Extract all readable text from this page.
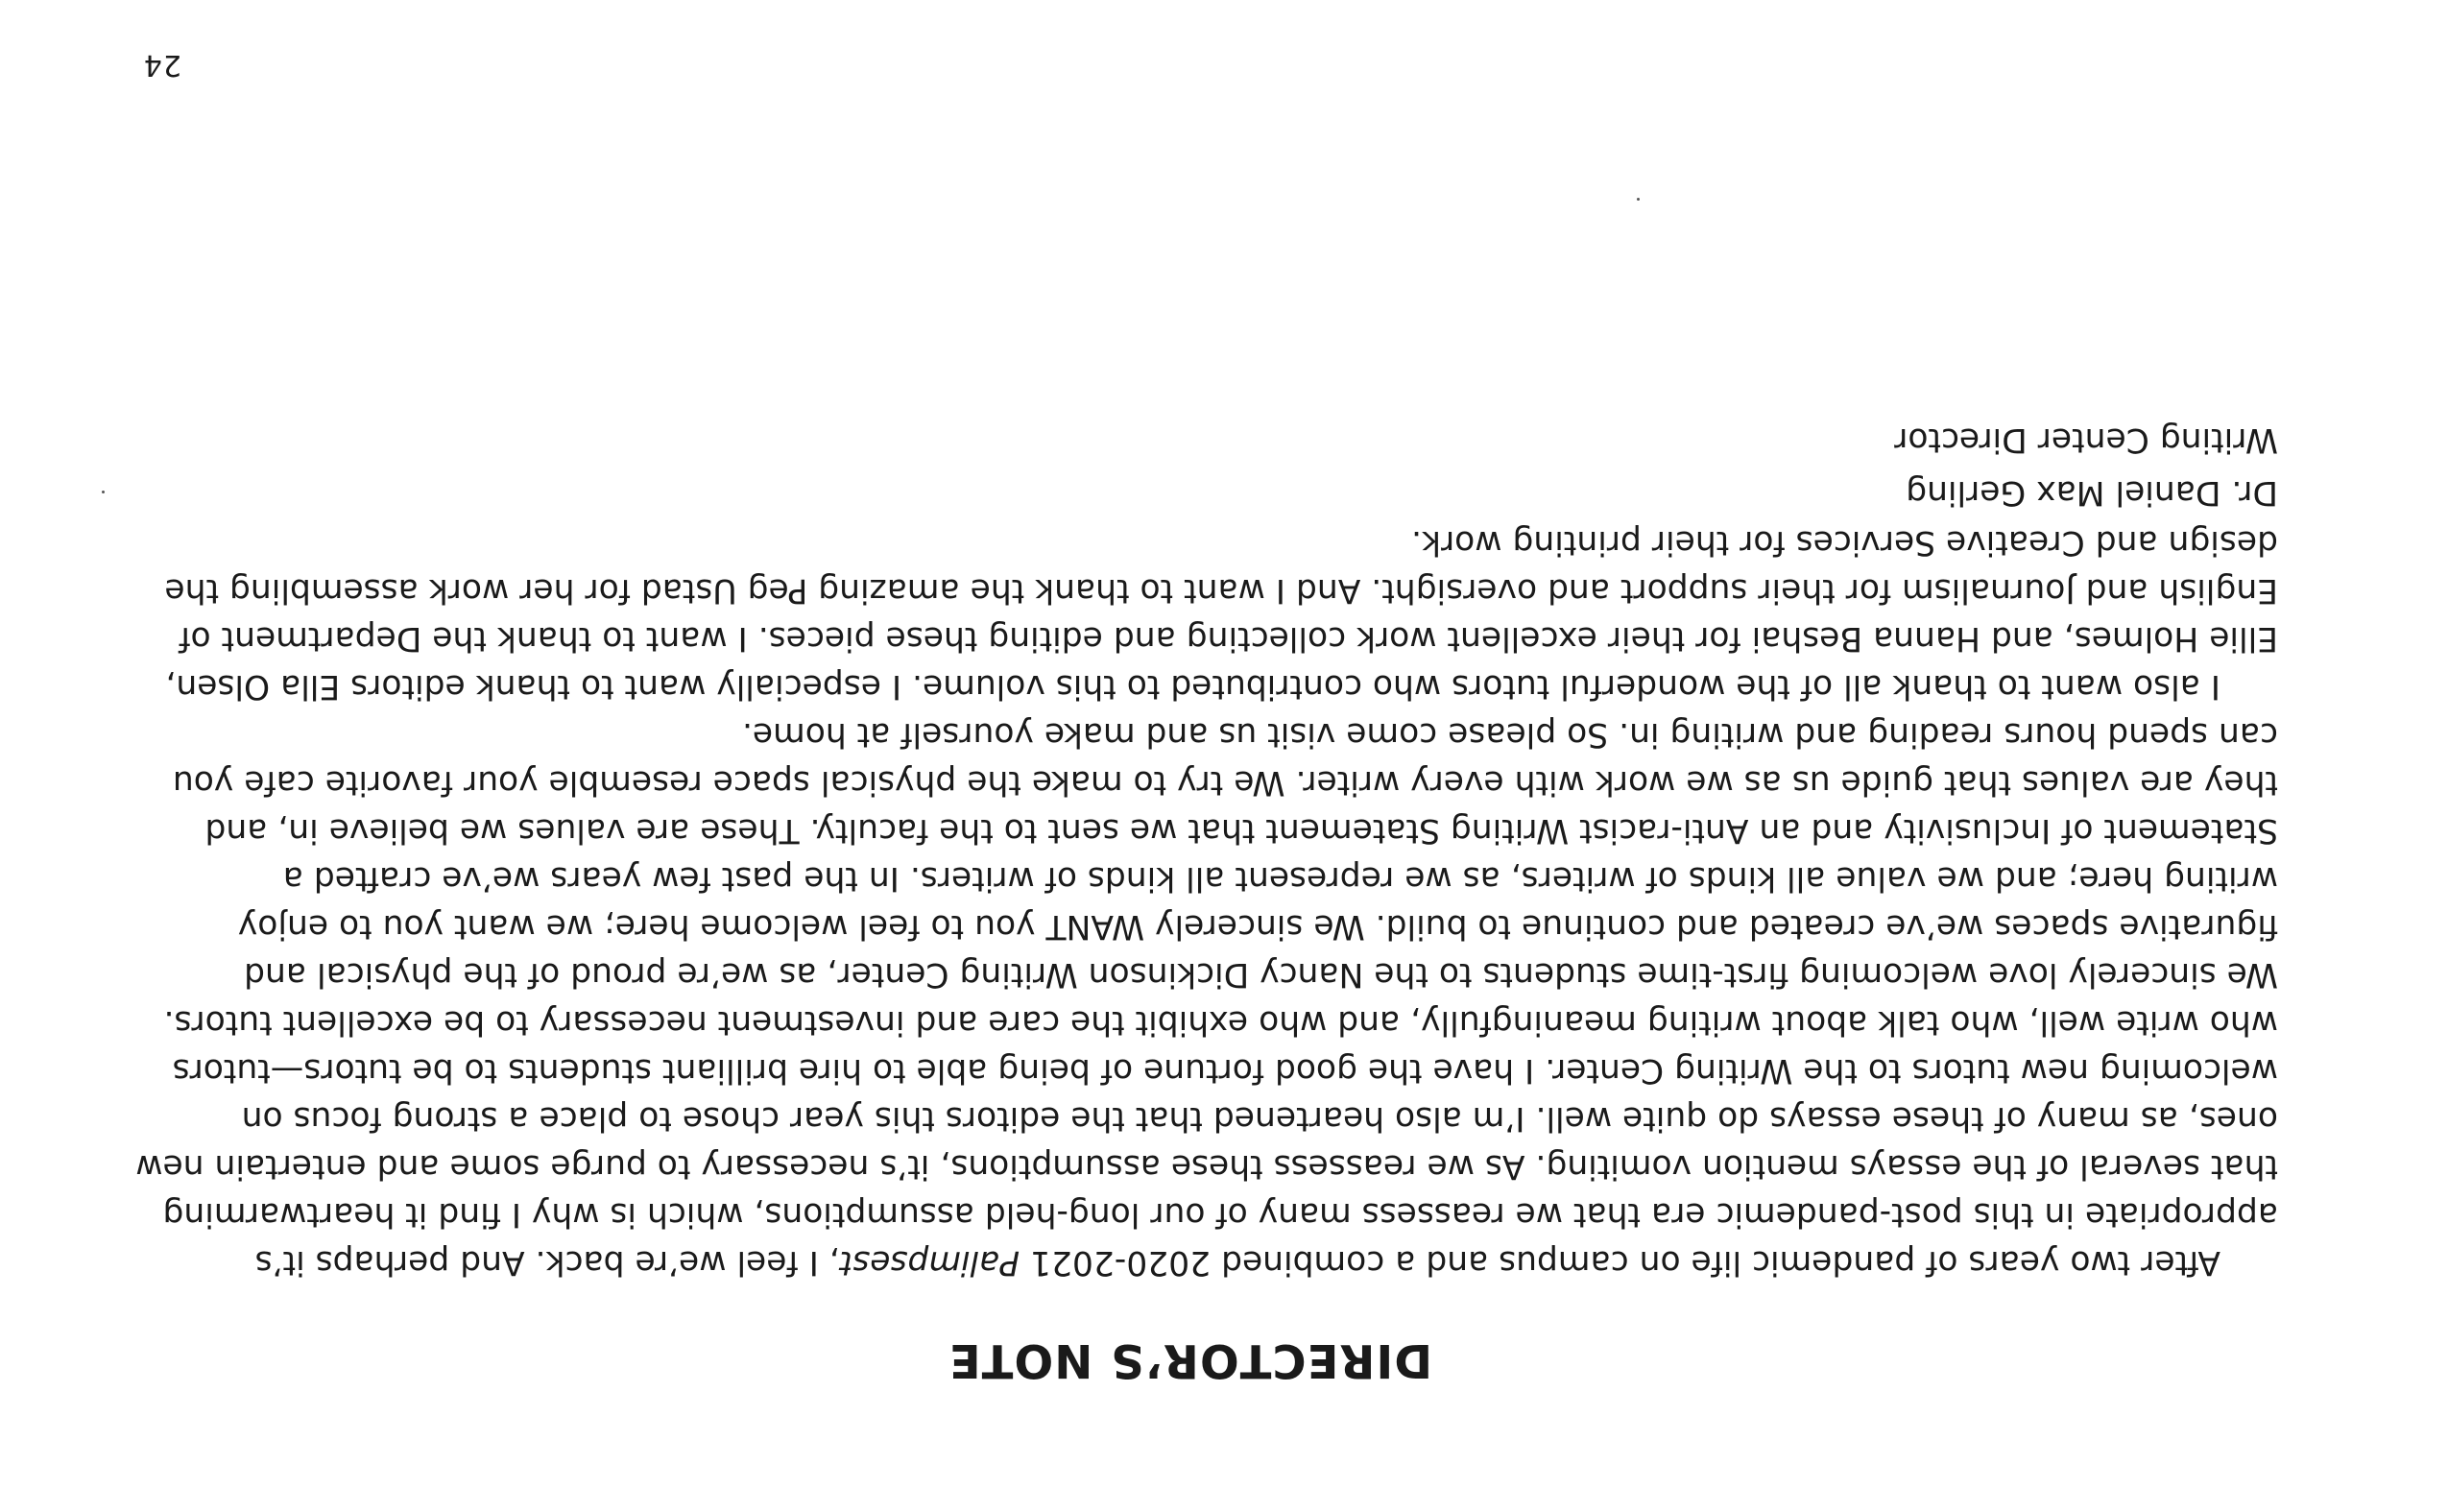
DIRECTOR’S NOTE

After two years of pandemic life on campus and a combined 2020-2021 Palimpsest, I feel we’re back. And perhaps it’s appropriate in this post-pandemic era that we reassess many of our long-held assumptions, which is why I find it heartwarming that several of the essays mention vomiting. As we reassess these assumptions, it’s necessary to purge some and entertain new ones, as many of these essays do quite well. I’m also heartened that the editors this year chose to place a strong focus on welcoming new tutors to the Writing Center. I have the good fortune of being able to hire brilliant students to be tutors—tutors who write well, who talk about writing meaningfully, and who exhibit the care and investment necessary to be excellent tutors. We sincerely love welcoming first-time students to the Nancy Dickinson Writing Center, as we’re proud of the physical and figurative spaces we’ve created and continue to build. We sincerely WANT you to feel welcome here; we want you to enjoy writing here; and we value all kinds of writers, as we represent all kinds of writers. In the past few years we’ve crafted a Statement of Inclusivity and an Anti-racist Writing Statement that we sent to the faculty. These are values we believe in, and they are values that guide us as we work with every writer. We try to make the physical space resemble your favorite cafe you can spend hours reading and writing in. So please come visit us and make yourself at home.

I also want to thank all of the wonderful tutors who contributed to this volume. I especially want to thank editors Ella Olsen, Ellie Holmes, and Hanna Beshai for their excellent work collecting and editing these pieces. I want to thank the Department of English and Journalism for their support and oversight. And I want to thank the amazing Peg Ustad for her work assembling the design and Creative Services for their printing work.

Dr. Daniel Max Gerling
Writing Center Director
24
